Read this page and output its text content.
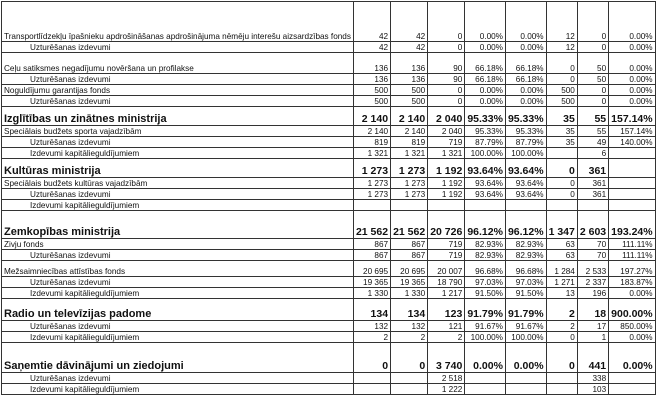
Transportlīdzekļu īpašnieku apdrošināšanas apdrošinājuma nēmēju interešu aizsardzības fonds	42	42	0	0.00%	0.00%	12	0	0.00%
Uzturēšanas izdevumi	42	42	0	0.00%	0.00%	12	0	0.00%
Ceļu satiksmes negadījumu novēršana un profilakse	136	136	90	66.18%	66.18%	0	50	0.00%
Uzturēšanas izdevumi	136	136	90	66.18%	66.18%	0	50	0.00%
Noguldījumu garantijas fonds	500	500	0	0.00%	0.00%	500	0	0.00%
Uzturēšanas izdevumi	500	500	0	0.00%	0.00%	500	0	0.00%
Izglītības un zinātnes ministrija	2 140	2 140	2 040	95.33%	95.33%	35	55	157.14%
Speciālais budžets sporta vajadzībām	2 140	2 140	2 040	95.33%	95.33%	35	55	157.14%
Uzturēšanas izdevumi	819	819	719	87.79%	87.79%	35	49	140.00%
Izdevumi kapitālieguldījumiem	1 321	1 321	1 321	100.00%	100.00%		6	
Kultūras ministrija	1 273	1 273	1 192	93.64%	93.64%	0	361	
Speciālais budžets kultūras vajadzībām	1 273	1 273	1 192	93.64%	93.64%	0	361	
Uzturēšanas izdevumi	1 273	1 273	1 192	93.64%	93.64%	0	361	
Izdevumi kapitālieguldījumiem								
Zemkopības ministrija	21 562	21 562	20 726	96.12%	96.12%	1 347	2 603	193.24%
Zivju fonds	867	867	719	82.93%	82.93%	63	70	111.11%
Uzturēšanas izdevumi	867	867	719	82.93%	82.93%	63	70	111.11%
Mežsaimniecības attīstības fonds	20 695	20 695	20 007	96.68%	96.68%	1 284	2 533	197.27%
Uzturēšanas izdevumi	19 365	19 365	18 790	97.03%	97.03%	1 271	2 337	183.87%
Izdevumi kapitālieguldījumiem	1 330	1 330	1 217	91.50%	91.50%	13	196	0.00%
Radio un televīzijas padome	134	134	123	91.79%	91.79%	2	18	900.00%
Uzturēšanas izdevumi	132	132	121	91.67%	91.67%	2	17	850.00%
Izdevumi kapitālieguldījumiem	2	2	2	100.00%	100.00%	0	1	0.00%
Saņemtie dāvinājumi un ziedojumi	0	0	3 740	0.00%	0.00%	0	441	0.00%
Uzturēšanas izdevumi			2 518				338	
Izdevumi kapitālieguldījumiem			1 222				103	
